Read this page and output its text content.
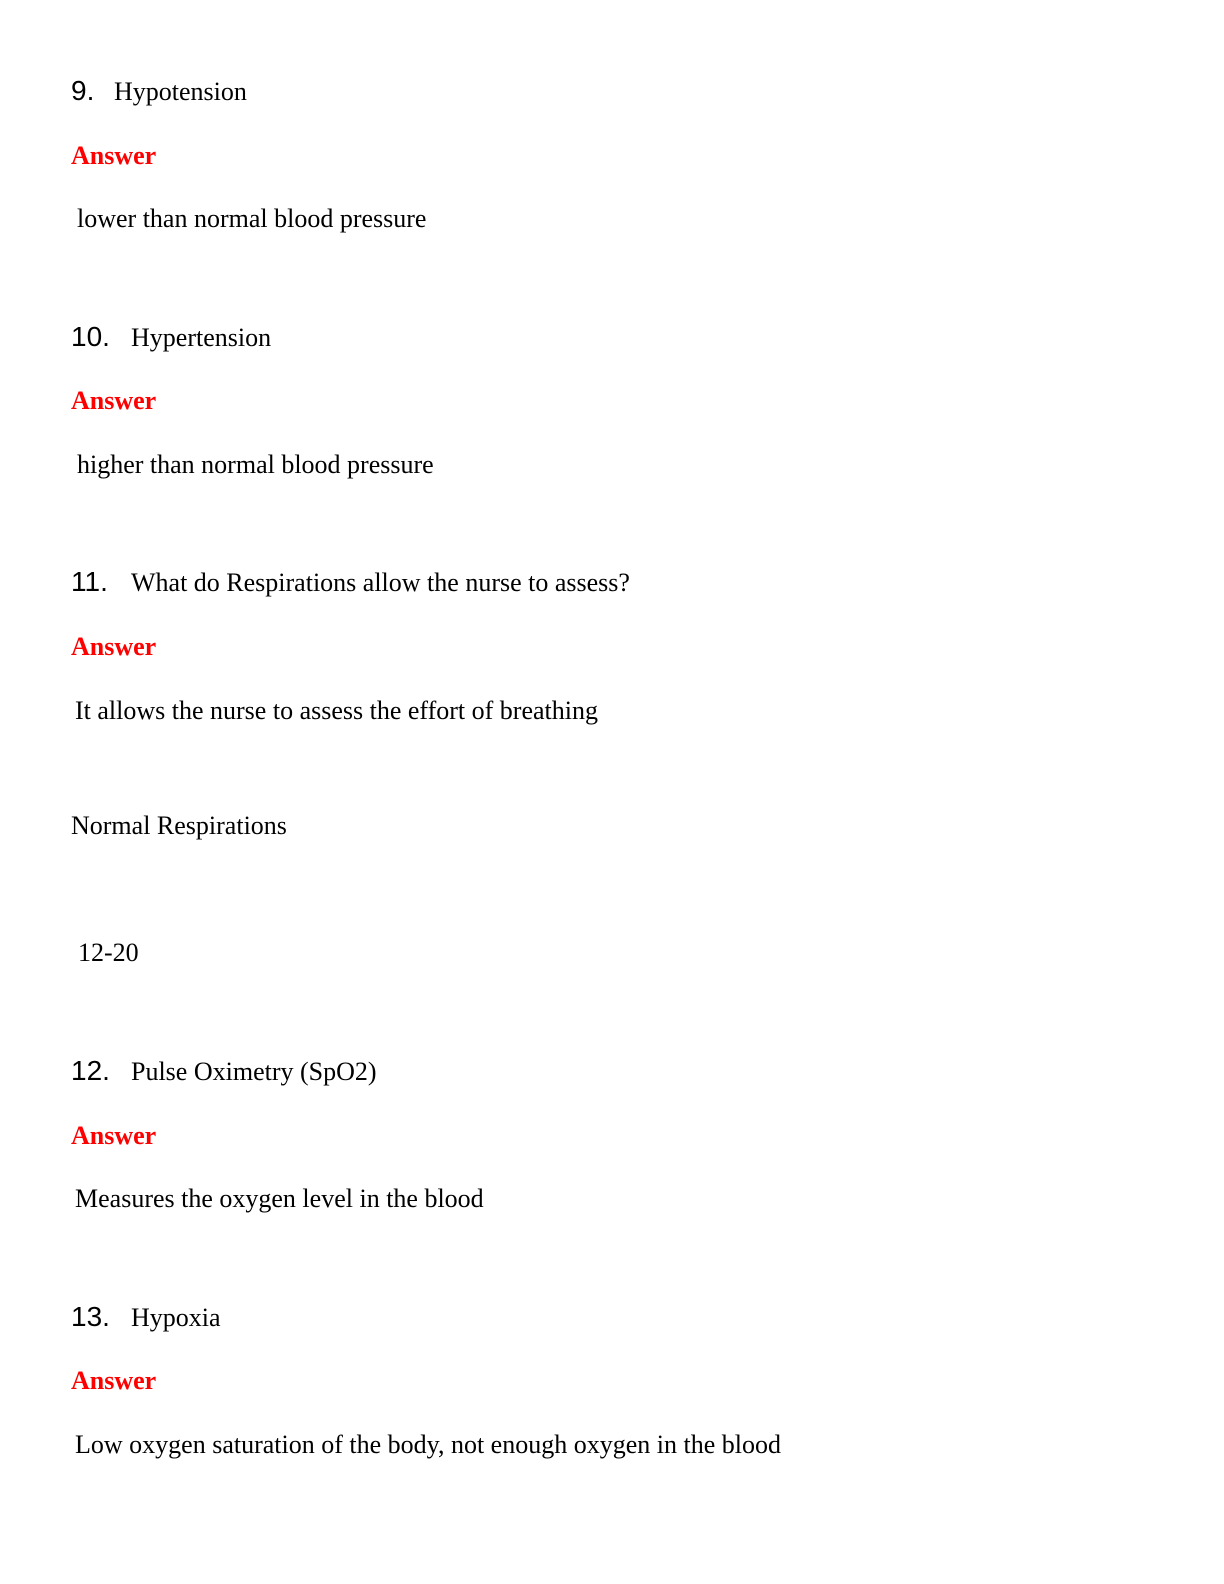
9. Hypotension
Answer
lower than normal blood pressure
10. Hypertension
Answer
higher than normal blood pressure
11. What do Respirations allow the nurse to assess?
Answer
It allows the nurse to assess the effort of breathing
Normal Respirations
12-20
12. Pulse Oximetry (SpO2)
Answer
Measures the oxygen level in the blood
13. Hypoxia
Answer
Low oxygen saturation of the body, not enough oxygen in the blood
